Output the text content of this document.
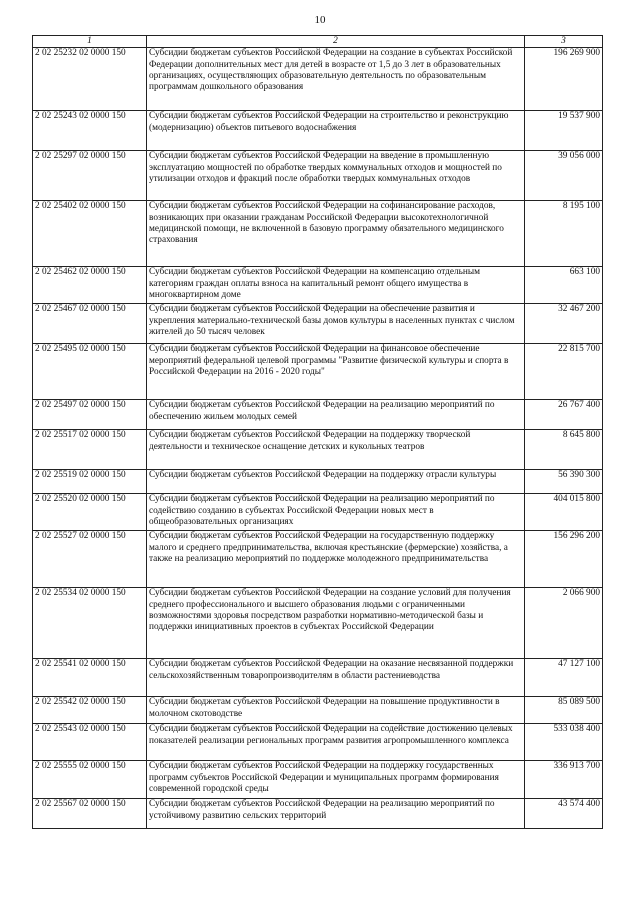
10
1	2	3
2 02 25232 02 0000 150	Субсидии бюджетам субъектов Российской Федерации на создание в субъектах Российской Федерации дополнительных мест для детей в возрасте от 1,5 до 3 лет в образовательных организациях, осуществляющих образовательную деятельность по образовательным программам дошкольного образования	196 269 900
2 02 25243 02 0000 150	Субсидии бюджетам субъектов Российской Федерации на строительство и реконструкцию (модернизацию) объектов питьевого водоснабжения	19 537 900
2 02 25297 02 0000 150	Субсидии бюджетам субъектов Российской Федерации на введение в промышленную эксплуатацию мощностей по обработке твердых коммунальных отходов и мощностей по утилизации отходов и фракций после обработки твердых коммунальных отходов	39 056 000
2 02 25402 02 0000 150	Субсидии бюджетам субъектов Российской Федерации на софинансирование расходов, возникающих при оказании гражданам Российской Федерации высокотехнологичной медицинской помощи, не включенной в базовую программу обязательного медицинского страхования	8 195 100
2 02 25462 02 0000 150	Субсидии бюджетам субъектов Российской Федерации на компенсацию отдельным категориям граждан оплаты взноса на капитальный ремонт общего имущества в многоквартирном доме	663 100
2 02 25467 02 0000 150	Субсидии бюджетам субъектов Российской Федерации на обеспечение развития и укрепления материально-технической базы домов культуры в населенных пунктах с числом жителей до 50 тысяч человек	32 467 200
2 02 25495 02 0000 150	Субсидии бюджетам субъектов Российской Федерации на финансовое обеспечение мероприятий федеральной целевой программы "Развитие физической культуры и спорта в Российской Федерации на 2016 - 2020 годы"	22 815 700
2 02 25497 02 0000 150	Субсидии бюджетам субъектов Российской Федерации на реализацию мероприятий по обеспечению жильем молодых семей	26 767 400
2 02 25517 02 0000 150	Субсидии бюджетам субъектов Российской Федерации на поддержку творческой деятельности и техническое оснащение детских и кукольных театров	8 645 800
2 02 25519 02 0000 150	Субсидии бюджетам субъектов Российской Федерации на поддержку отрасли культуры	56 390 300
2 02 25520 02 0000 150	Субсидии бюджетам субъектов Российской Федерации на реализацию мероприятий по содействию созданию в субъектах Российской Федерации новых мест в общеобразовательных организациях	404 015 800
2 02 25527 02 0000 150	Субсидии бюджетам субъектов Российской Федерации на государственную поддержку малого и среднего предпринимательства, включая крестьянские (фермерские) хозяйства, а также на реализацию мероприятий по поддержке молодежного предпринимательства	156 296 200
2 02 25534 02 0000 150	Субсидии бюджетам субъектов Российской Федерации на создание условий для получения среднего профессионального и высшего образования людьми с ограниченными возможностями здоровья посредством разработки нормативно-методической базы и поддержки инициативных проектов в субъектах Российской Федерации	2 066 900
2 02 25541 02 0000 150	Субсидии бюджетам субъектов Российской Федерации на оказание несвязанной поддержки сельскохозяйственным товаропроизводителям в области растениеводства	47 127 100
2 02 25542 02 0000 150	Субсидии бюджетам субъектов Российской Федерации на повышение продуктивности в молочном скотоводстве	85 089 500
2 02 25543 02 0000 150	Субсидии бюджетам субъектов Российской Федерации на содействие достижению целевых показателей реализации региональных программ развития агропромышленного комплекса	533 038 400
2 02 25555 02 0000 150	Субсидии бюджетам субъектов Российской Федерации на поддержку государственных программ субъектов Российской Федерации и муниципальных программ формирования современной городской среды	336 913 700
2 02 25567 02 0000 150	Субсидии бюджетам субъектов Российской Федерации на реализацию мероприятий по устойчивому развитию сельских территорий	43 574 400
